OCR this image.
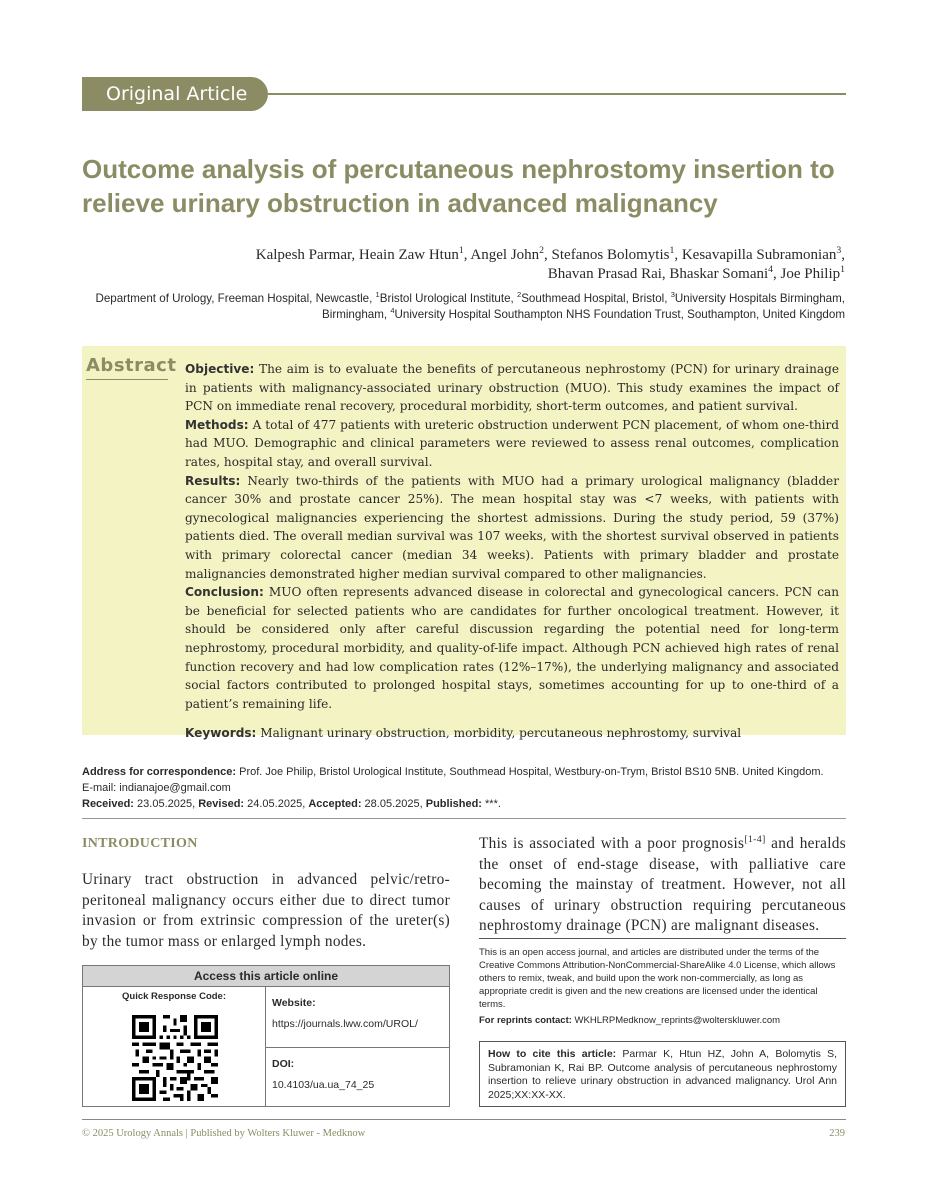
Original Article
Outcome analysis of percutaneous nephrostomy insertion to relieve urinary obstruction in advanced malignancy
Kalpesh Parmar, Heain Zaw Htun$^1$, Angel John$^2$, Stefanos Bolomytis$^1$, Kesavapilla Subramonian$^3$,
Bhavan Prasad Rai, Bhaskar Somani$^4$, Joe Philip$^1$
Department of Urology, Freeman Hospital, Newcastle, $^1$Bristol Urological Institute, $^2$Southmead Hospital, Bristol, $^3$University Hospitals Birmingham, Birmingham, $^4$University Hospital Southampton NHS Foundation Trust, Southampton, United Kingdom
Abstract Objective: The aim is to evaluate the benefits of percutaneous nephrostomy (PCN) for urinary drainage in patients with malignancy-associated urinary obstruction (MUO). This study examines the impact of PCN on immediate renal recovery, procedural morbidity, short-term outcomes, and patient survival.

Methods: A total of 477 patients with ureteric obstruction underwent PCN placement, of whom one-third had MUO. Demographic and clinical parameters were reviewed to assess renal outcomes, complication rates, hospital stay, and overall survival.

Results: Nearly two-thirds of the patients with MUO had a primary urological malignancy (bladder cancer 30% and prostate cancer 25%). The mean hospital stay was <7 weeks, with patients with gynecological malignancies experiencing the shortest admissions. During the study period, 59 (37%) patients died. The overall median survival was 107 weeks, with the shortest survival observed in patients with primary colorectal cancer (median 34 weeks). Patients with primary bladder and prostate malignancies demonstrated higher median survival compared to other malignancies.

Conclusion: MUO often represents advanced disease in colorectal and gynecological cancers. PCN can be beneficial for selected patients who are candidates for further oncological treatment. However, it should be considered only after careful discussion regarding the potential need for long-term nephrostomy, procedural morbidity, and quality-of-life impact. Although PCN achieved high rates of renal function recovery and had low complication rates (12%–17%), the underlying malignancy and associated social factors contributed to prolonged hospital stays, sometimes accounting for up to one-third of a patient’s remaining life.

Keywords: Malignant urinary obstruction, morbidity, percutaneous nephrostomy, survival

Address for correspondence: Prof. Joe Philip, Bristol Urological Institute, Southmead Hospital, Westbury-on-Trym, Bristol BS10 5NB. United Kingdom.

E-mail: indianajoe@gmail.com

Received: 23.05.2025, Revised: 24.05.2025, Accepted: 28.05.2025, Published: ***.

INTRODUCTION
Urinary tract obstruction in advanced pelvic/retro-peritoneal malignancy occurs either due to direct tumor invasion or from extrinsic compression of the ureter(s) by the tumor mass or enlarged lymph nodes.
This is associated with a poor prognosis[1-4] and heralds the onset of end-stage disease, with palliative care becoming the mainstay of treatment. However, not all causes of urinary obstruction requiring percutaneous nephrostomy drainage (PCN) are malignant diseases.
Access this article online
Quick Response Code:
Website:
https://journals.lww.com/UROL/
DOI:
10.4103/ua.ua_74_25
This is an open access journal, and articles are distributed under the terms of the Creative Commons Attribution-NonCommercial-ShareAlike 4.0 License, which allows others to remix, tweak, and build upon the work non-commercially, as long as appropriate credit is given and the new creations are licensed under the identical terms.
For reprints contact: WKHLRPMedknow_reprints@wolterskluwer.com
How to cite this article: Parmar K, Htun HZ, John A, Bolomytis S, Subramonian K, Rai BP. Outcome analysis of percutaneous nephrostomy insertion to relieve urinary obstruction in advanced malignancy. Urol Ann 2025;XX:XX-XX.
© 2025 Urology Annals | Published by Wolters Kluwer - Medknow	239
